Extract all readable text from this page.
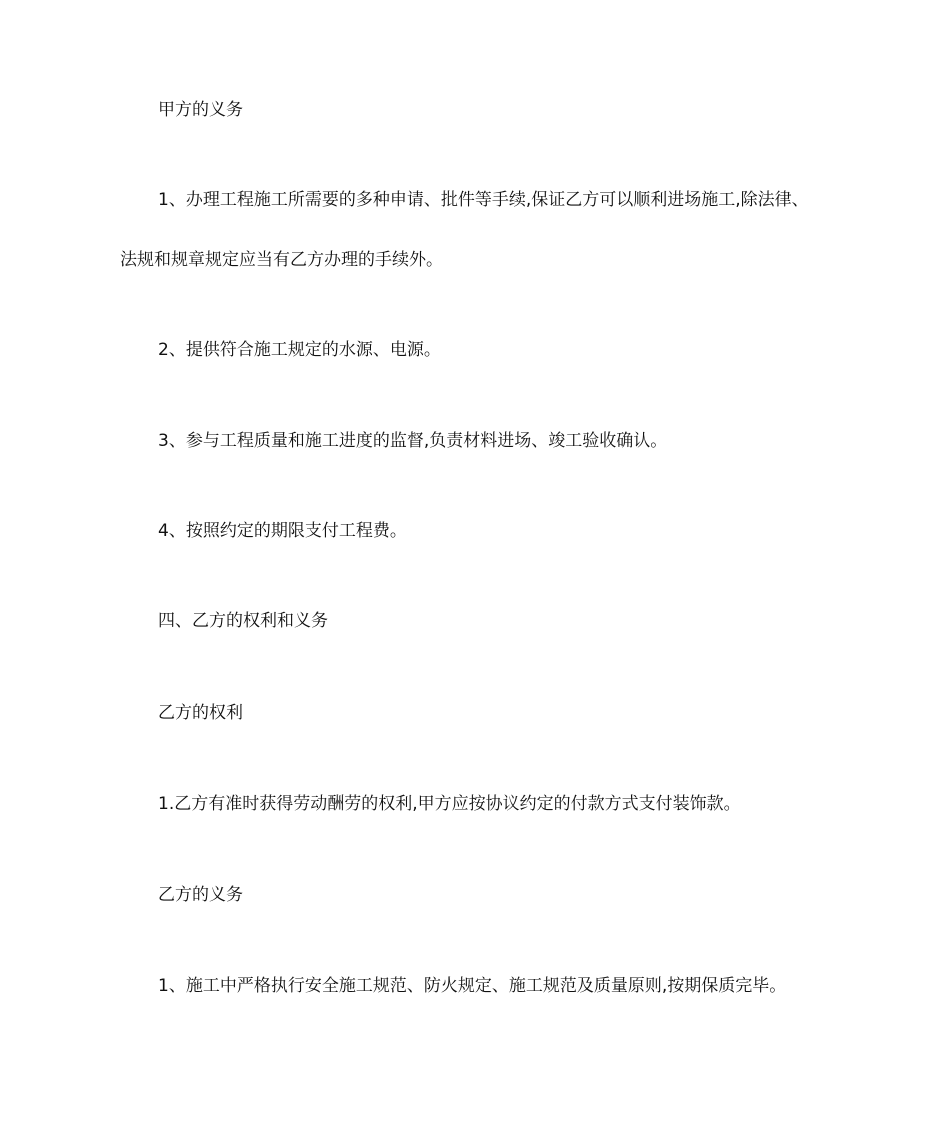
甲方的义务

1、办理工程施工所需要的多种申请、批件等手续,保证乙方可以顺利进场施工,除法律、

法规和规章规定应当有乙方办理的手续外。

2、提供符合施工规定的水源、电源。

3、参与工程质量和施工进度的监督,负责材料进场、竣工验收确认。

4、按照约定的期限支付工程费。

四、乙方的权利和义务

乙方的权利

1.乙方有准时获得劳动酬劳的权利,甲方应按协议约定的付款方式支付装饰款。

乙方的义务

1、施工中严格执行安全施工规范、防火规定、施工规范及质量原则,按期保质完毕。
